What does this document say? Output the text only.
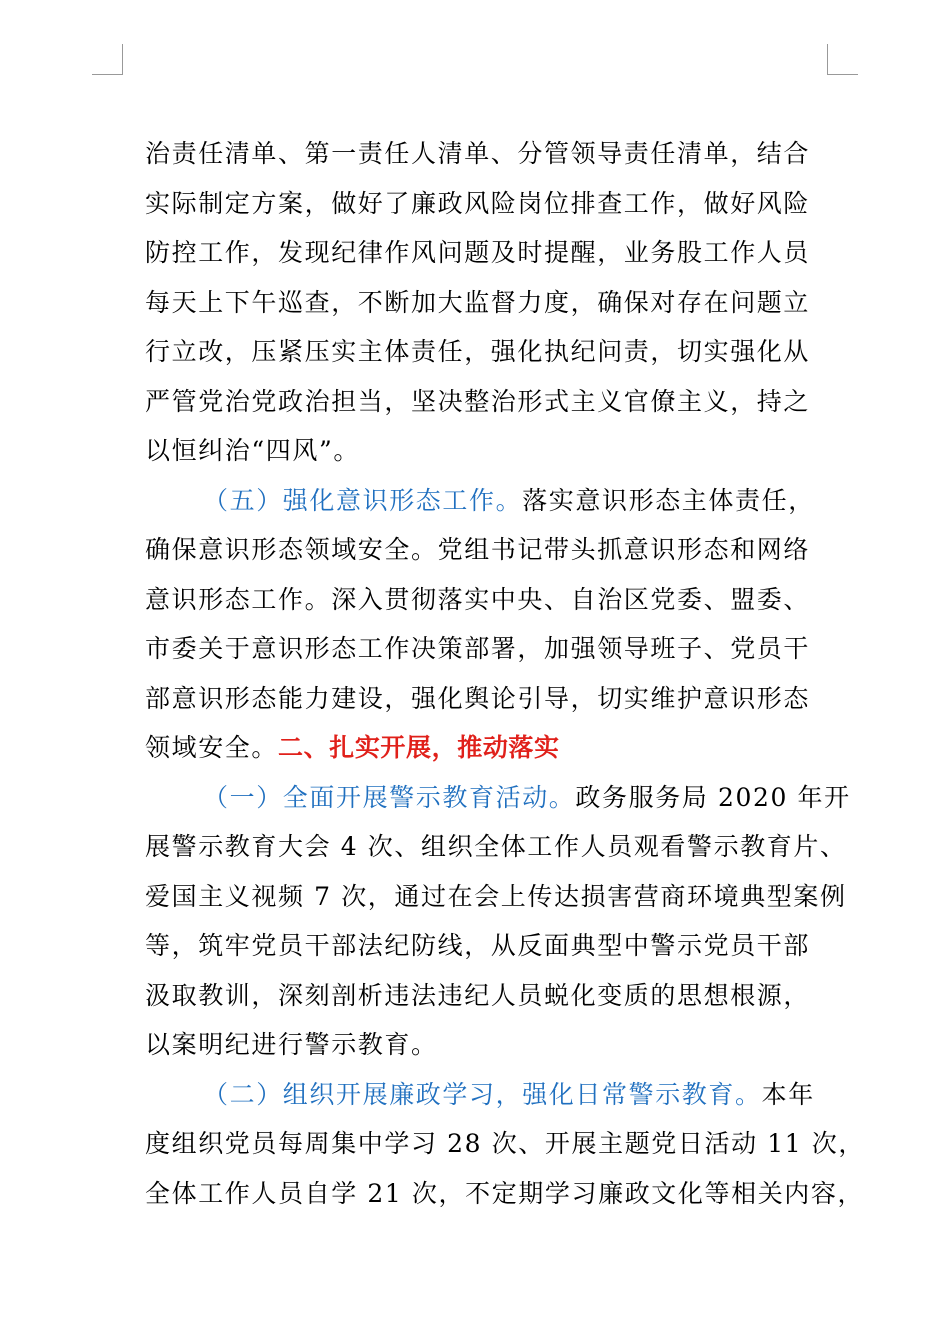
治责任清单、第一责任人清单、分管领导责任清单，结合
实际制定方案，做好了廉政风险岗位排查工作，做好风险
防控工作，发现纪律作风问题及时提醒，业务股工作人员
每天上下午巡查，不断加大监督力度，确保对存在问题立
行立改，压紧压实主体责任，强化执纪问责，切实强化从
严管党治党政治担当，坚决整治形式主义官僚主义，持之
以恒纠治“四风”。
（五）强化意识形态工作。落实意识形态主体责任，
确保意识形态领域安全。党组书记带头抓意识形态和网络
意识形态工作。深入贯彻落实中央、自治区党委、盟委、
市委关于意识形态工作决策部署，加强领导班子、党员干
部意识形态能力建设，强化舆论引导，切实维护意识形态
领域安全。二、扎实开展，推动落实
（一）全面开展警示教育活动。政务服务局 2020 年开
展警示教育大会 4 次、组织全体工作人员观看警示教育片、
爱国主义视频 7 次，通过在会上传达损害营商环境典型案例
等，筑牢党员干部法纪防线，从反面典型中警示党员干部
汲取教训，深刻剖析违法违纪人员蜕化变质的思想根源，
以案明纪进行警示教育。
（二）组织开展廉政学习，强化日常警示教育。本年
度组织党员每周集中学习 28 次、开展主题党日活动 11 次，
全体工作人员自学 21 次，不定期学习廉政文化等相关内容，
